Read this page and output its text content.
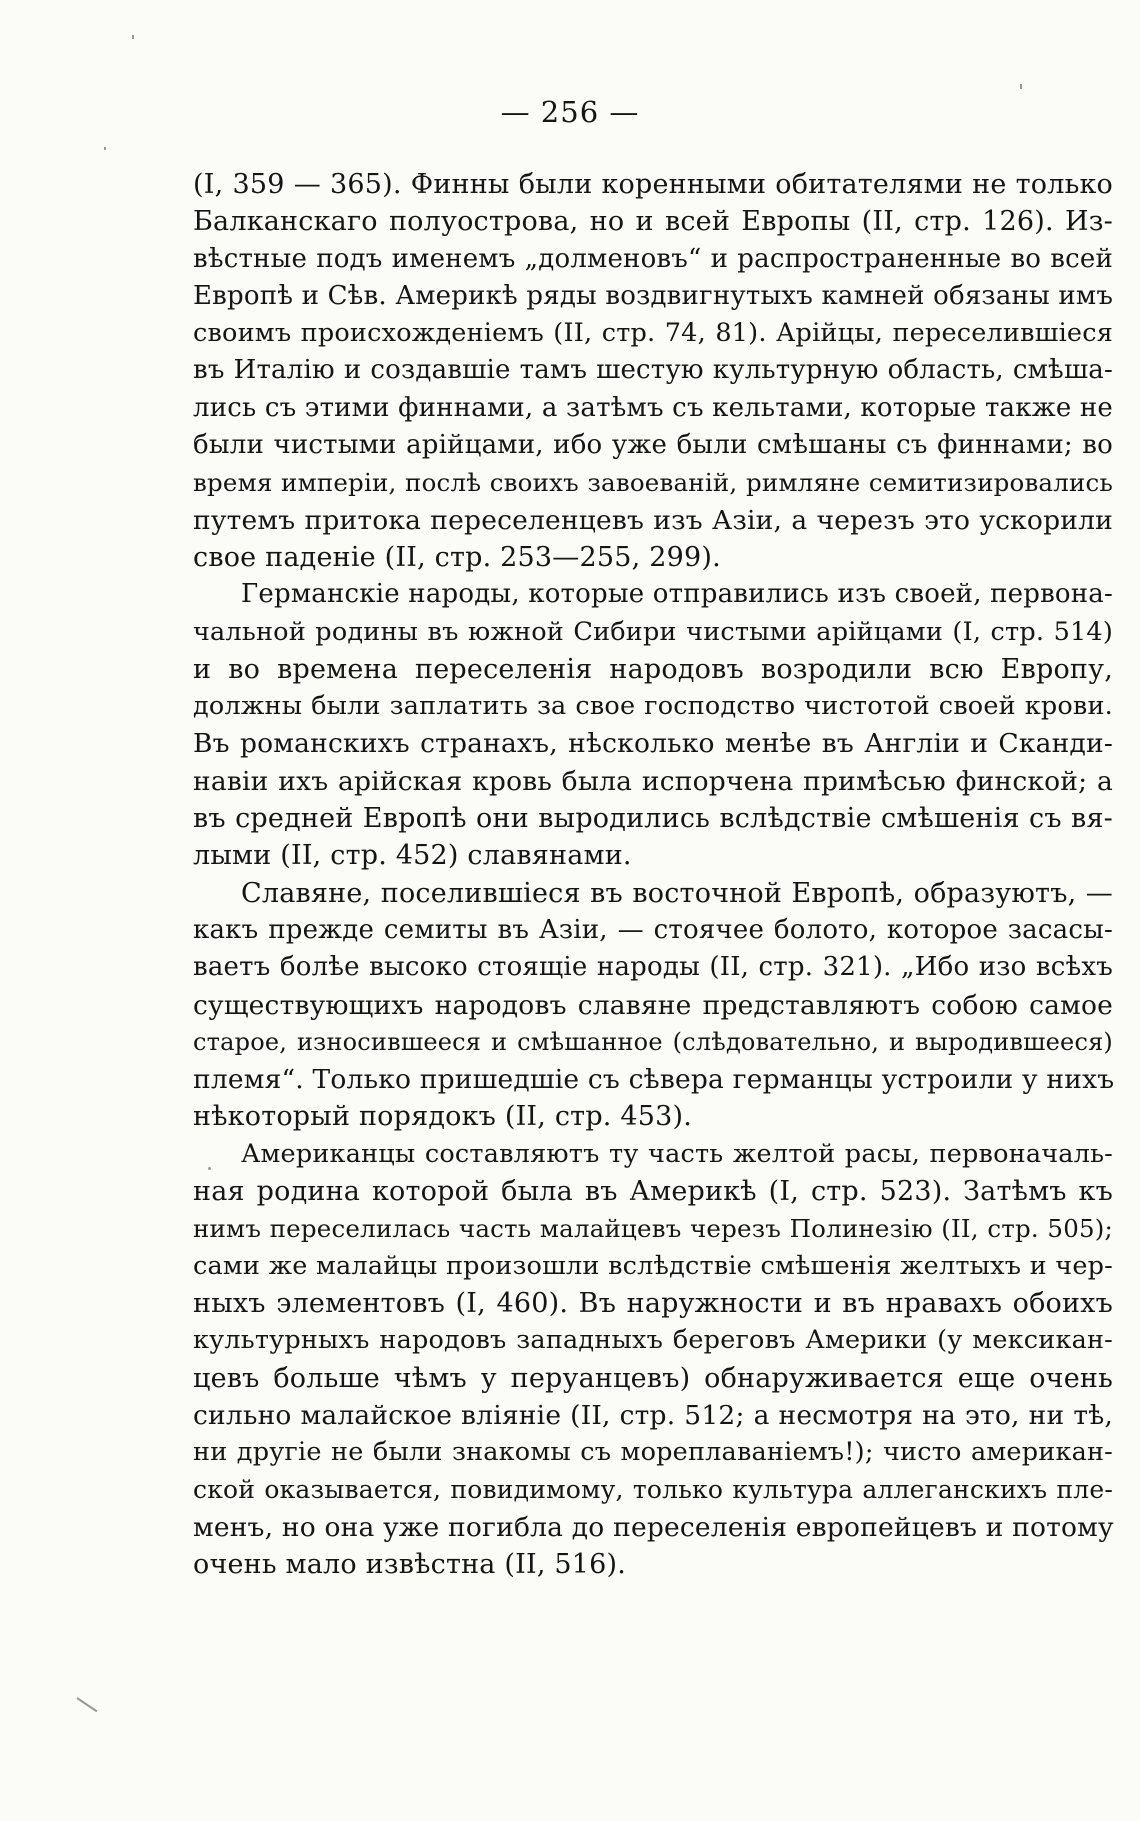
— 256 —
(I, 359 — 365). Финны были коренными обитателями не только
Балканскаго полуострова, но и всей Европы (II, стр. 126). Из-
вѣстные подъ именемъ „долменовъ“ и распространенные во всей
Европѣ и Сѣв. Америкѣ ряды воздвигнутыхъ камней обязаны имъ
своимъ происхожденіемъ (II, стр. 74, 81). Арійцы, переселившіеся
въ Италію и создавшіе тамъ шестую культурную область, смѣша-
лись съ этими финнами, а затѣмъ съ кельтами, которые также не
были чистыми арійцами, ибо уже были смѣшаны съ финнами; во
время имперіи, послѣ своихъ завоеваній, римляне семитизировались
путемъ притока переселенцевъ изъ Азіи, а черезъ это ускорили
свое паденіе (II, стр. 253—255, 299).
Германскіе народы, которые отправились изъ своей, первона-
чальной родины въ южной Сибири чистыми арійцами (I, стр. 514)
и во времена переселенія народовъ возродили всю Европу,
должны были заплатить за свое господство чистотой своей крови.
Въ романскихъ странахъ, нѣсколько менѣе въ Англіи и Сканди-
навіи ихъ арійская кровь была испорчена примѣсью финской; а
въ средней Европѣ они выродились вслѣдствіе смѣшенія съ вя-
лыми (II, стр. 452) славянами.
Славяне, поселившіеся въ восточной Европѣ, образуютъ, —
какъ прежде семиты въ Азіи, — стоячее болото, которое засасы-
ваетъ болѣе высоко стоящіе народы (II, стр. 321). „Ибо изо всѣхъ
существующихъ народовъ славяне представляютъ собою самое
старое, износившееся и смѣшанное (слѣдовательно, и выродившееся)
племя“. Только пришедшіе съ сѣвера германцы устроили у нихъ
нѣкоторый порядокъ (II, стр. 453).
Американцы составляютъ ту часть желтой расы, первоначаль-
ная родина которой была въ Америкѣ (I, стр. 523). Затѣмъ къ
нимъ переселилась часть малайцевъ черезъ Полинезію (II, стр. 505);
сами же малайцы произошли вслѣдствіе смѣшенія желтыхъ и чер-
ныхъ элементовъ (I, 460). Въ наружности и въ нравахъ обоихъ
культурныхъ народовъ западныхъ береговъ Америки (у мексикан-
цевъ больше чѣмъ у перуанцевъ) обнаруживается еще очень
сильно малайское вліяніе (II, стр. 512; а несмотря на это, ни тѣ,
ни другіе не были знакомы съ мореплаваніемъ!); чисто американ-
ской оказывается, повидимому, только культура аллеганскихъ пле-
менъ, но она уже погибла до переселенія европейцевъ и потому
очень мало извѣстна (II, 516).
